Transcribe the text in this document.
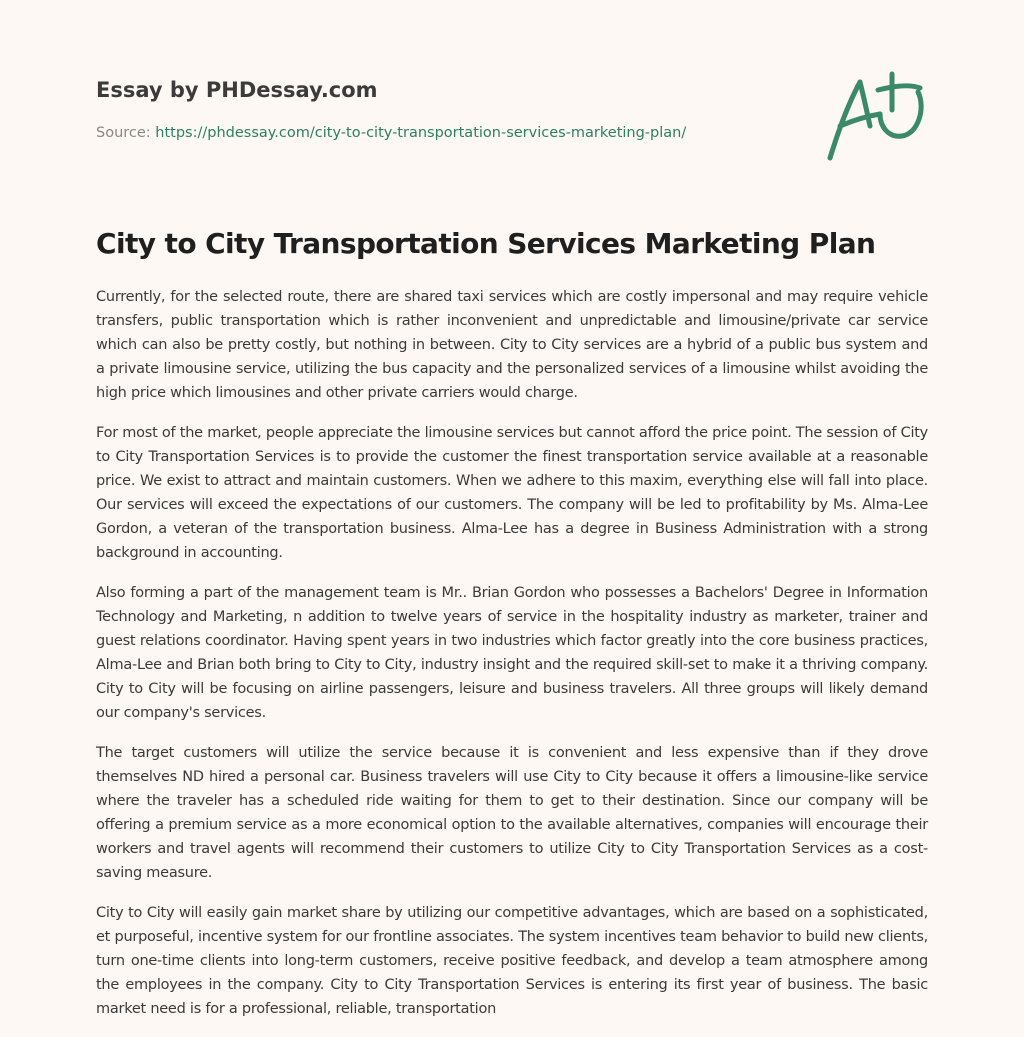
Essay by PHDessay.com
Source: https://phdessay.com/city-to-city-transportation-services-marketing-plan/
City to City Transportation Services Marketing Plan

Currently, for the selected route, there are shared taxi services which are costly impersonal and may require vehicle transfers, public transportation which is rather inconvenient and unpredictable and limousine/private car service which can also be pretty costly, but nothing in between. City to City services are a hybrid of a public bus system and a private limousine service, utilizing the bus capacity and the personalized services of a limousine whilst avoiding the high price which limousines and other private carriers would charge.

For most of the market, people appreciate the limousine services but cannot afford the price point. The session of City to City Transportation Services is to provide the customer the finest transportation service available at a reasonable price. We exist to attract and maintain customers. When we adhere to this maxim, everything else will fall into place. Our services will exceed the expectations of our customers. The company will be led to profitability by Ms. Alma-Lee Gordon, a veteran of the transportation business. Alma-Lee has a degree in Business Administration with a strong background in accounting.

Also forming a part of the management team is Mr.. Brian Gordon who possesses a Bachelors' Degree in Information Technology and Marketing, n addition to twelve years of service in the hospitality industry as marketer, trainer and guest relations coordinator. Having spent years in two industries which factor greatly into the core business practices, Alma-Lee and Brian both bring to City to City, industry insight and the required skill-set to make it a thriving company. City to City will be focusing on airline passengers, leisure and business travelers. All three groups will likely demand our company's services.

The target customers will utilize the service because it is convenient and less expensive than if they drove themselves ND hired a personal car. Business travelers will use City to City because it offers a limousine-like service where the traveler has a scheduled ride waiting for them to get to their destination. Since our company will be offering a premium service as a more economical option to the available alternatives, companies will encourage their workers and travel agents will recommend their customers to utilize City to City Transportation Services as a cost-saving measure.

City to City will easily gain market share by utilizing our competitive advantages, which are based on a sophisticated, et purposeful, incentive system for our frontline associates. The system incentives team behavior to build new clients, turn one-time clients into long-term customers, receive positive feedback, and develop a team atmosphere among the employees in the company. City to City Transportation Services is entering its first year of business. The basic market need is for a professional, reliable, transportation
